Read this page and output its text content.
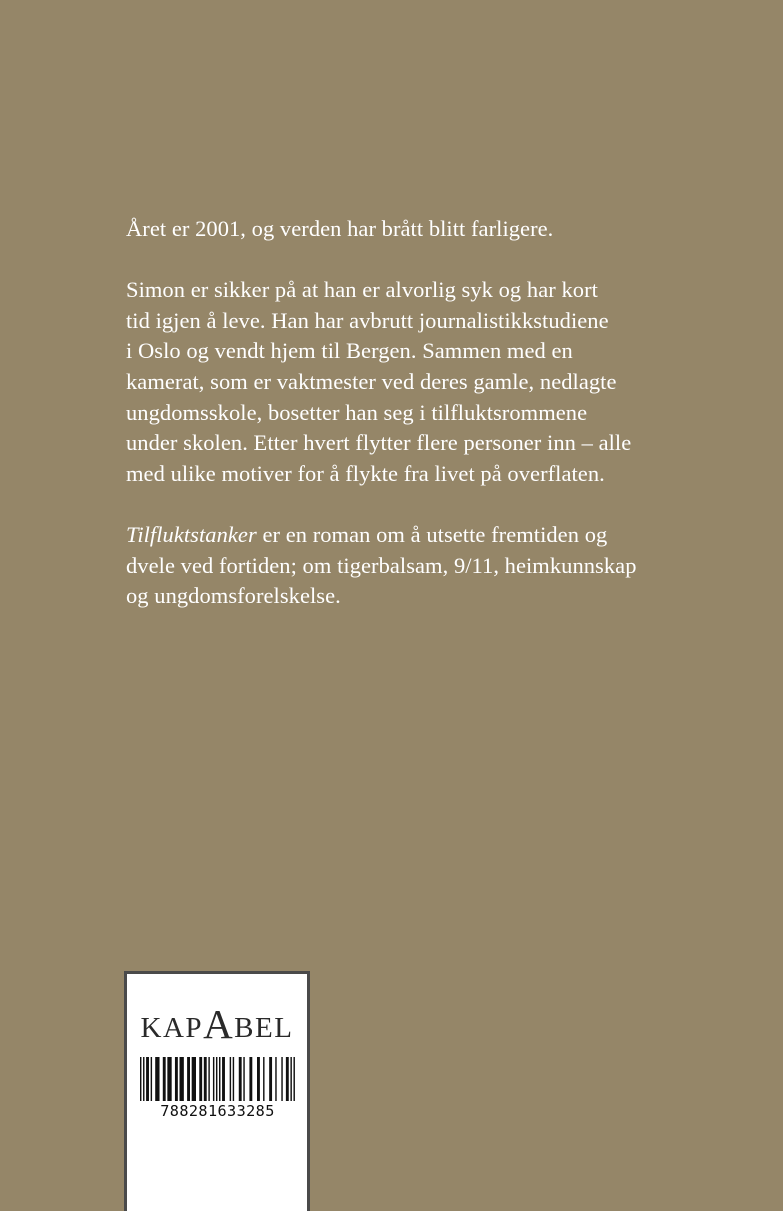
Året er 2001, og verden har brått blitt farligere.

Simon er sikker på at han er alvorlig syk og har kort
tid igjen å leve. Han har avbrutt journalistikkstudiene
i Oslo og vendt hjem til Bergen. Sammen med en
kamerat, som er vaktmester ved deres gamle, nedlagte
ungdomsskole, bosetter han seg i tilfluktsrommene
under skolen. Etter hvert flytter flere personer inn – alle
med ulike motiver for å flykte fra livet på overflaten.

Tilfluktstanker er en roman om å utsette fremtiden og
dvele ved fortiden; om tigerbalsam, 9/11, heimkunnskap
og ungdomsforelskelse.

KAPABEL
788281633285
